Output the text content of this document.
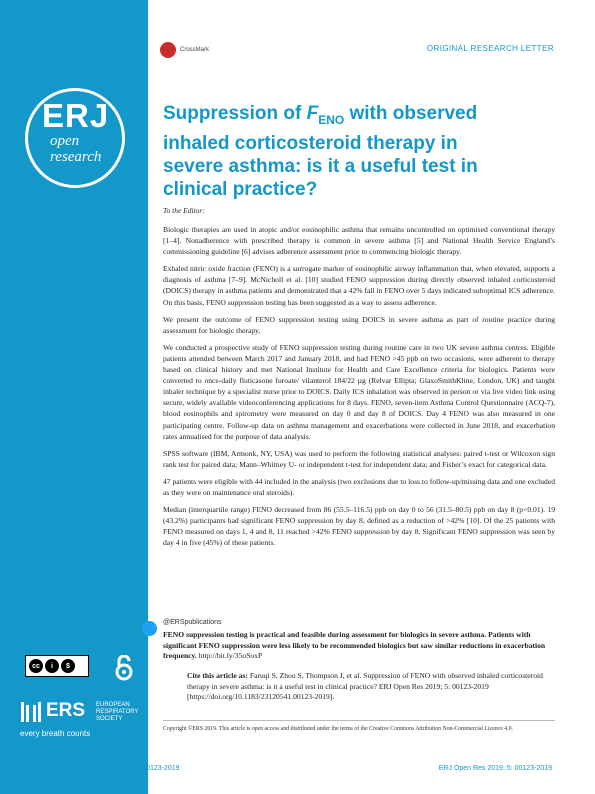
ERJ
open
research
cc	i	$
ERS EUROPEAN RESPIRATORY SOCIETY
every breath counts
CrossMark	ORIGINAL RESEARCH LETTER
Suppression of $F_{ENO}$ with observed inhaled corticosteroid therapy in severe asthma: is it a useful test in clinical practice?
To the Editor:

Biologic therapies are used in atopic and/or eosinophilic asthma that remains uncontrolled on optimised conventional therapy [1–4]. Nonadherence with prescribed therapy is common in severe asthma [5] and National Health Service England’s commissioning guideline [6] advises adherence assessment prior to commencing biologic therapy.

Exhaled nitric oxide fraction (FENO) is a surrogate marker of eosinophilic airway inflammation that, when elevated, supports a diagnosis of asthma [7–9]. McNicholl et al. [10] studied FENO suppression during directly observed inhaled corticosteroid (DOICS) therapy in asthma patients and demonstrated that a 42% fall in FENO over 5 days indicated suboptimal ICS adherence. On this basis, FENO suppression testing has been suggested as a way to assess adherence.

We present the outcome of FENO suppression testing using DOICS in severe asthma as part of routine practice during assessment for biologic therapy.

We conducted a prospective study of FENO suppression testing during routine care in two UK severe asthma centres. Eligible patients attended between March 2017 and January 2018, and had FENO >45 ppb on two occasions, were adherent to therapy based on clinical history and met National Institute for Health and Care Excellence criteria for biologics. Patients were converted to once-daily fluticasone furoate/ vilanterol 184/22 µg (Relvar Ellipta; GlaxoSmithKline, London, UK) and taught inhaler technique by a specialist nurse prior to DOICS. Daily ICS inhalation was observed in person or via live video link using secure, widely available videoconferencing applications for 8 days. FENO, seven-item Asthma Control Questionnaire (ACQ-7), blood eosinophils and spirometry were measured on day 0 and day 8 of DOICS. Day 4 FENO was also measured in one participating centre. Follow-up data on asthma management and exacerbations were collected in June 2018, and exacerbation rates annualised for the purpose of data analysis.

SPSS software (IBM, Armonk, NY, USA) was used to perform the following statistical analyses: paired t-test or Wilcoxon sign rank test for paired data; Mann–Whitney U- or independent t-test for independent data; and Fisher’s exact for categorical data.

47 patients were eligible with 44 included in the analysis (two exclusions due to loss to follow-up/missing data and one excluded as they were on maintenance oral steroids).

Median (interquartile range) FENO decreased from 86 (55.5–116.5) ppb on day 0 to 56 (31.5–80.5) ppb on day 8 (p<0.01). 19 (43.2%) participants had significant FENO suppression by day 8, defined as a reduction of >42% [10]. Of the 25 patients with FENO measured on days 1, 4 and 8, 11 reached >42% FENO suppression by day 8. Significant FENO suppression was seen by day 4 in five (45%) of these patients.

@ERSpublications
FENO suppression testing is practical and feasible during assessment for biologics in severe asthma. Patients with significant FENO suppression were less likely to be recommended biologics but saw similar reductions in exacerbation frequency. http://bit.ly/35oSoxP
Cite this article as: Faruqi S, Zhou S, Thompson J, et al. Suppression of FENO with observed inhaled corticosteroid therapy in severe asthma: is it a useful test in clinical practice? ERJ Open Res 2019; 5: 00123-2019 [https://doi.org/10.1183/23120541.00123-2019].
Copyright ©ERS 2019. This article is open access and distributed under the terms of the Creative Commons Attribution Non-Commercial Licence 4.0.
https://doi.org/10.1183/23120541.00123-2019	ERJ Open Res 2019; 5: 00123-2019
